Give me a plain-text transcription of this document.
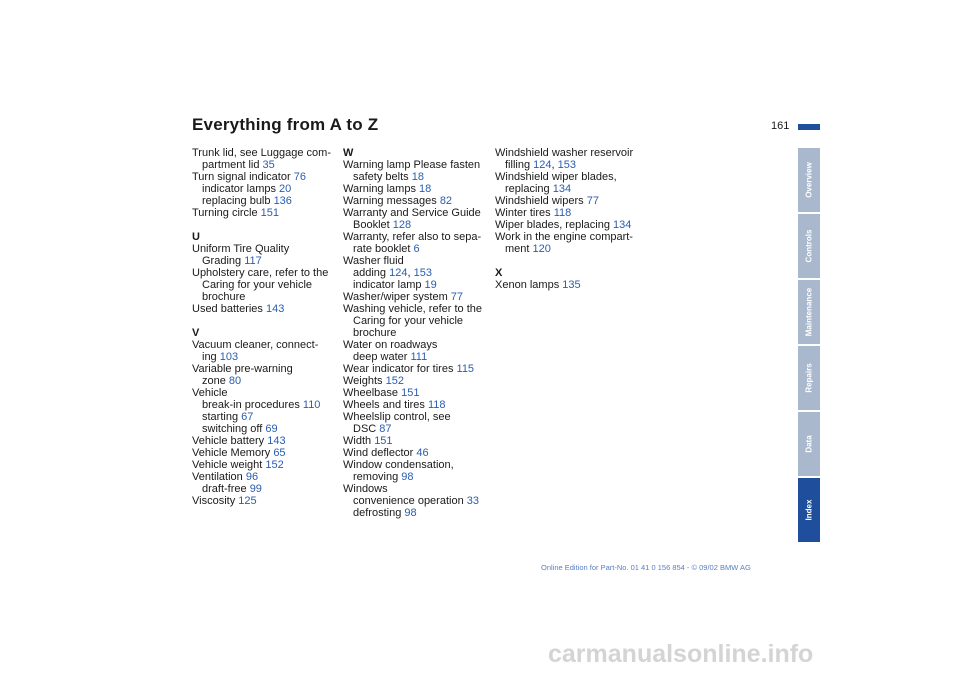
Everything from A to Z	161
Trunk lid, see Luggage com-
partment lid 35
Turn signal indicator 76
indicator lamps 20
replacing bulb 136
Turning circle 151
U
Uniform Tire Quality
Grading 117
Upholstery care, refer to the
Caring for your vehicle
brochure
Used batteries 143
V
Vacuum cleaner, connect-
ing 103
Variable pre-warning
zone 80
Vehicle
break-in procedures 110
starting 67
switching off 69
Vehicle battery 143
Vehicle Memory 65
Vehicle weight 152
Ventilation 96
draft-free 99
Viscosity 125
W
Warning lamp Please fasten
safety belts 18
Warning lamps 18
Warning messages 82
Warranty and Service Guide
Booklet 128
Warranty, refer also to sepa-
rate booklet 6
Washer fluid
adding 124, 153
indicator lamp 19
Washer/wiper system 77
Washing vehicle, refer to the
Caring for your vehicle
brochure
Water on roadways
deep water 111
Wear indicator for tires 115
Weights 152
Wheelbase 151
Wheels and tires 118
Wheelslip control, see
DSC 87
Width 151
Wind deflector 46
Window condensation,
removing 98
Windows
convenience operation 33
defrosting 98
Windshield washer reservoir
filling 124, 153
Windshield wiper blades,
replacing 134
Windshield wipers 77
Winter tires 118
Wiper blades, replacing 134
Work in the engine compart-
ment 120
X
Xenon lamps 135
Overview
Controls
Maintenance
Repairs
Data
Index
Online Edition for Part-No. 01 41 0 156 854 - © 09/02 BMW AG
carmanualsonline.info
